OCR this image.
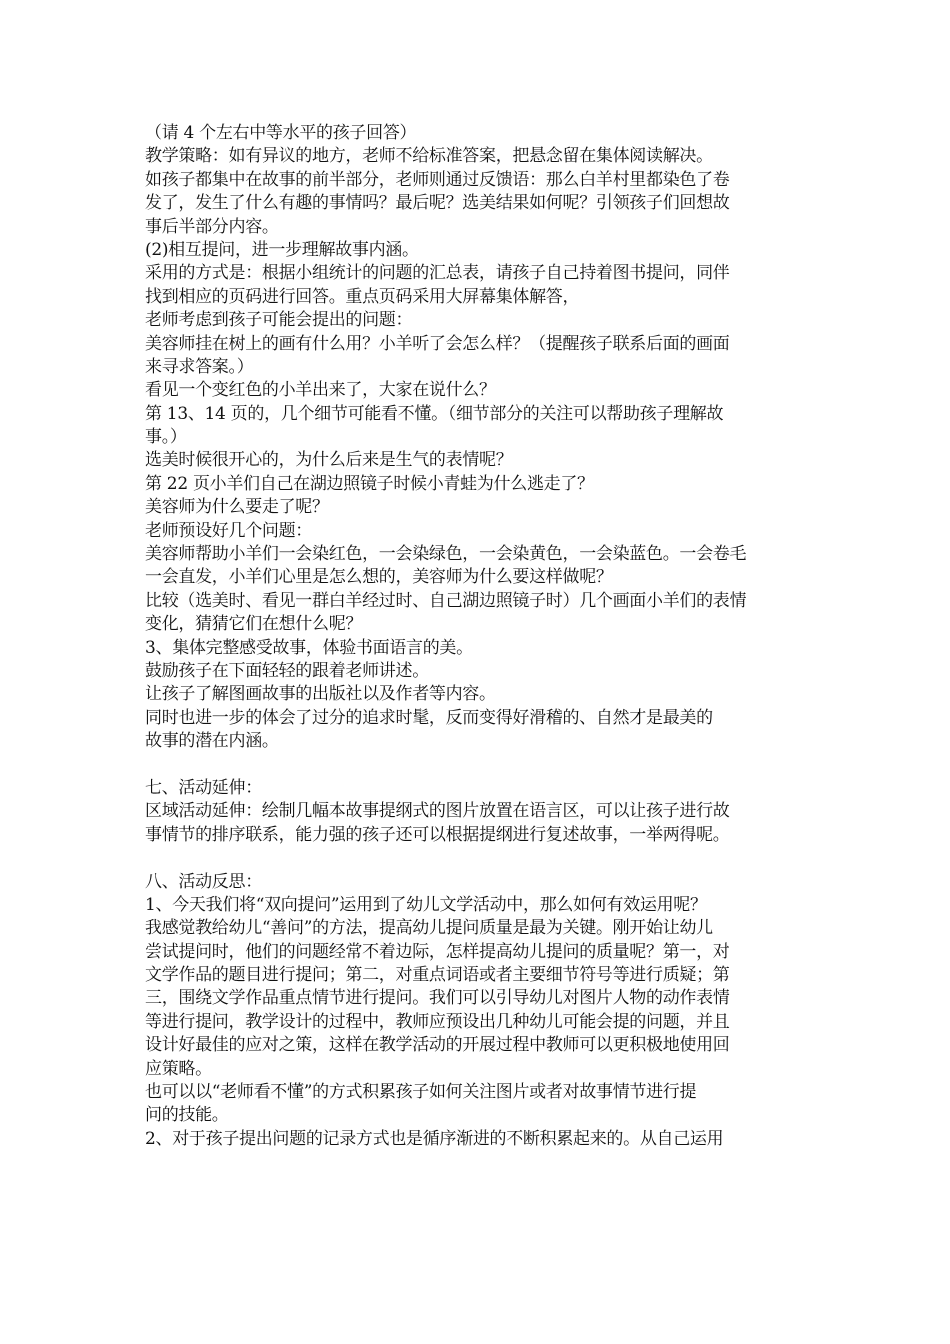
（请 4 个左右中等水平的孩子回答）
教学策略：如有异议的地方，老师不给标准答案，把悬念留在集体阅读解决。
如孩子都集中在故事的前半部分，老师则通过反馈语：那么白羊村里都染色了卷
发了，发生了什么有趣的事情吗？最后呢？选美结果如何呢？引领孩子们回想故
事后半部分内容。
(2)相互提问，进一步理解故事内涵。
采用的方式是：根据小组统计的问题的汇总表，请孩子自己持着图书提问，同伴
找到相应的页码进行回答。重点页码采用大屏幕集体解答，
老师考虑到孩子可能会提出的问题：
美容师挂在树上的画有什么用？小羊听了会怎么样？（提醒孩子联系后面的画面
来寻求答案。）
看见一个变红色的小羊出来了，大家在说什么？
第 13、14 页的，几个细节可能看不懂。（细节部分的关注可以帮助孩子理解故
事。）
选美时候很开心的，为什么后来是生气的表情呢？
第 22 页小羊们自己在湖边照镜子时候小青蛙为什么逃走了？
美容师为什么要走了呢？
老师预设好几个问题：
美容师帮助小羊们一会染红色，一会染绿色，一会染黄色，一会染蓝色。一会卷毛
一会直发，小羊们心里是怎么想的，美容师为什么要这样做呢？
比较（选美时、看见一群白羊经过时、自己湖边照镜子时）几个画面小羊们的表情
变化，猜猜它们在想什么呢？
3、集体完整感受故事，体验书面语言的美。
鼓励孩子在下面轻轻的跟着老师讲述。
让孩子了解图画故事的出版社以及作者等内容。
同时也进一步的体会了过分的追求时髦，反而变得好滑稽的、自然才是最美的
故事的潜在内涵。
七、活动延伸：
区域活动延伸：绘制几幅本故事提纲式的图片放置在语言区，可以让孩子进行故
事情节的排序联系，能力强的孩子还可以根据提纲进行复述故事，一举两得呢。
八、活动反思：
1、今天我们将“双向提问”运用到了幼儿文学活动中，那么如何有效运用呢？
我感觉教给幼儿“善问”的方法，提高幼儿提问质量是最为关键。刚开始让幼儿
尝试提问时，他们的问题经常不着边际，怎样提高幼儿提问的质量呢？第一，对
文学作品的题目进行提问；第二，对重点词语或者主要细节符号等进行质疑；第
三，围绕文学作品重点情节进行提问。我们可以引导幼儿对图片人物的动作表情
等进行提问，教学设计的过程中，教师应预设出几种幼儿可能会提的问题，并且
设计好最佳的应对之策，这样在教学活动的开展过程中教师可以更积极地使用回
应策略。
也可以以“老师看不懂”的方式积累孩子如何关注图片或者对故事情节进行提
问的技能。
2、对于孩子提出问题的记录方式也是循序渐进的不断积累起来的。从自己运用
